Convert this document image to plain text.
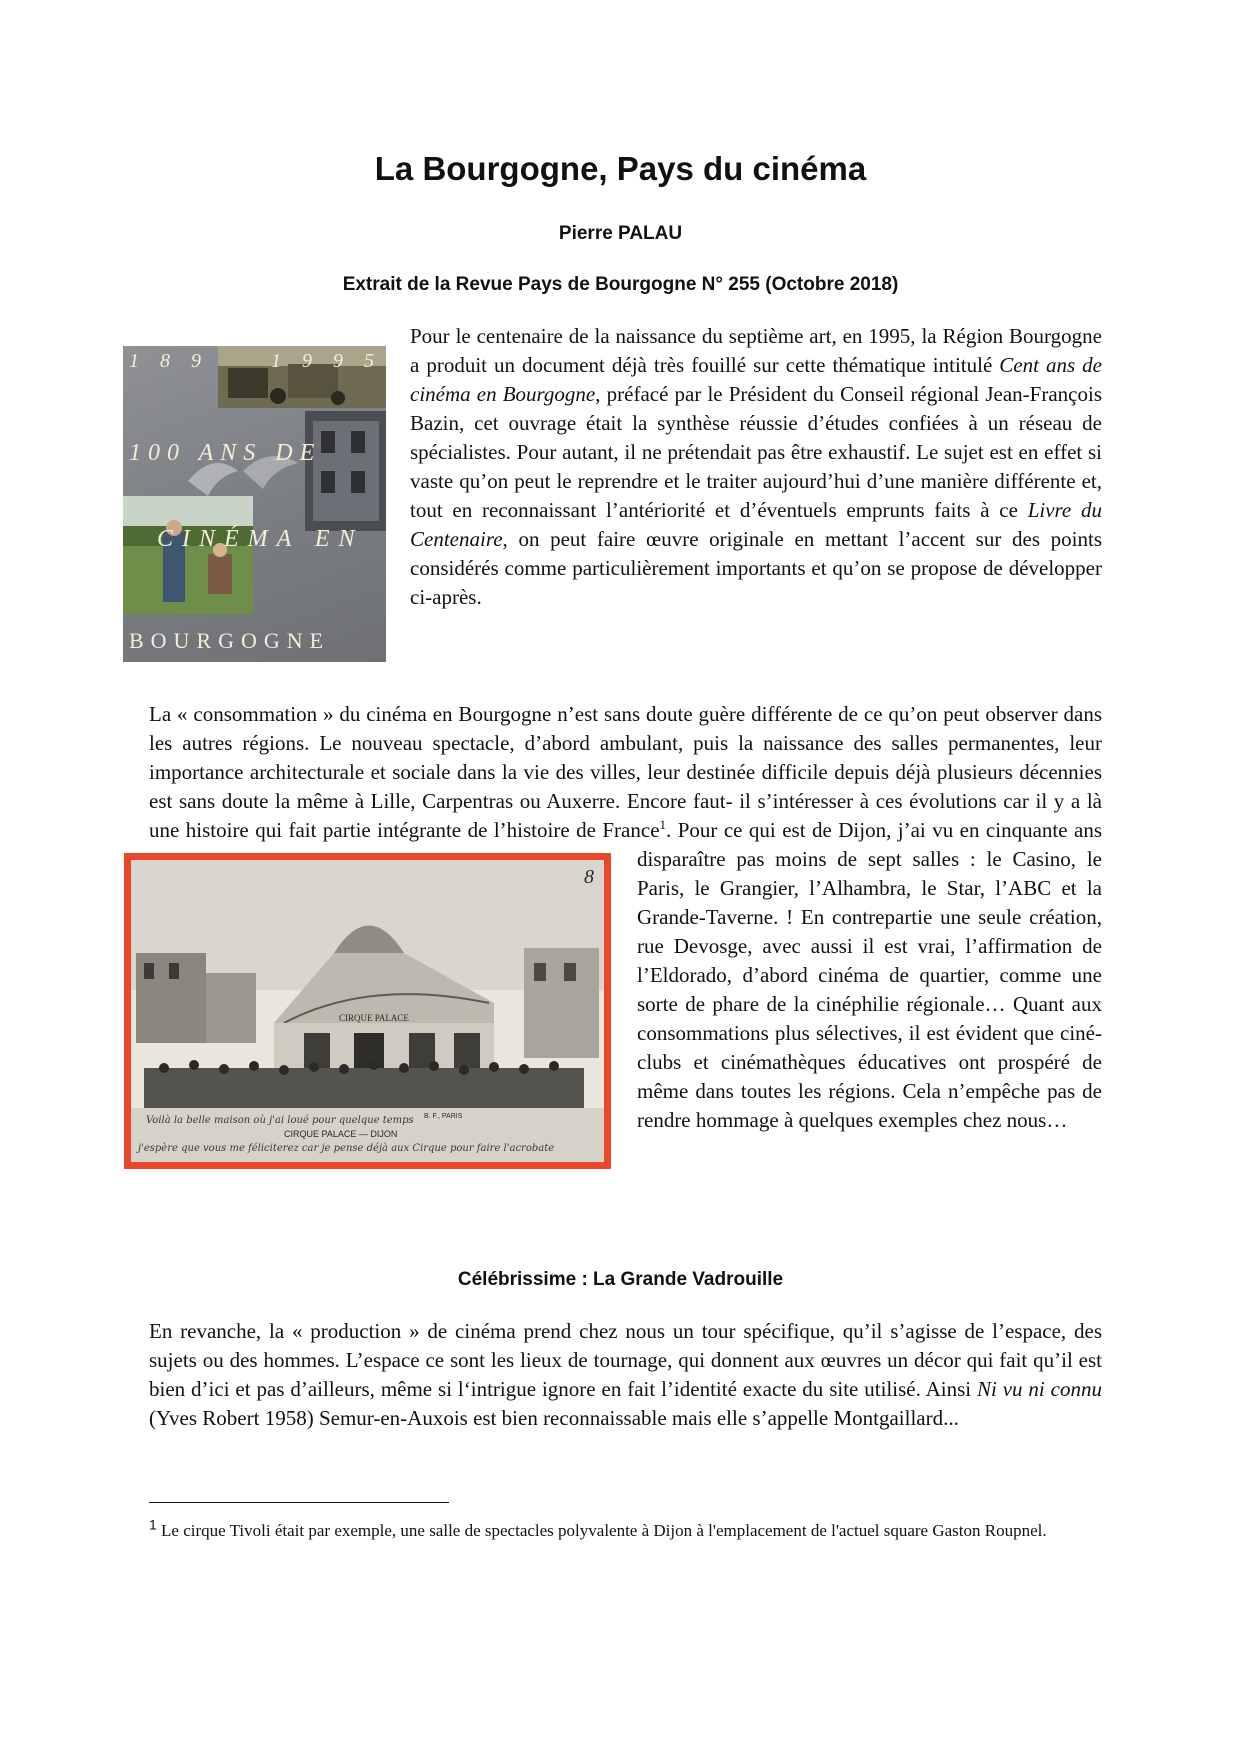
La Bourgogne, Pays du cinéma
Pierre PALAU
Extrait de la Revue Pays de Bourgogne N° 255 (Octobre 2018)
1 8 9	1 9 9 5
100 ANS DE
CINÉMA EN
BOURGOGNE

Pour le centenaire de la naissance du septième art, en 1995, la Région Bourgogne a produit un document déjà très fouillé sur cette thématique intitulé Cent ans de cinéma en Bourgogne, préfacé par le Président du Conseil régional Jean-François Bazin, cet ouvrage était la synthèse réussie d’études confiées à un réseau de spécialistes. Pour autant, il ne prétendait pas être exhaustif. Le sujet est en effet si vaste qu’on peut le reprendre et le traiter aujourd’hui d’une manière différente et, tout en reconnaissant l’antériorité et d’éventuels emprunts faits à ce Livre du Centenaire, on peut faire œuvre originale en mettant l’accent sur des points considérés comme particulièrement importants et qu’on se propose de développer ci-après.

La « consommation » du cinéma en Bourgogne n’est sans doute guère différente de ce qu’on peut observer dans les autres régions. Le nouveau spectacle, d’abord ambulant, puis la naissance des salles permanentes, leur importance architecturale et sociale dans la vie des villes, leur destinée difficile depuis déjà plusieurs décennies est sans doute la même à Lille, Carpentras ou Auxerre. Encore faut- il s’intéresser à ces évolutions car il y a là une histoire qui fait partie intégrante de l’histoire de France$^1$
CIRQUE PALACE
8
B. F., PARIS
Voilà la belle maison où j'ai loué pour quelque temps
CIRQUE PALACE — DIJON
j'espère que vous me féliciterez car je pense déjà aux Cirque pour faire l'acrobate
. Pour ce qui est de Dijon, j’ai vu en cinquante ans disparaître pas moins de sept salles : le Casino, le Paris, le Grangier, l’Alhambra, le Star, l’ABC et la Grande-Taverne. ! En contrepartie une seule création, rue Devosge, avec aussi il est vrai, l’affirmation de l’Eldorado, d’abord cinéma de quartier, comme une sorte de phare de la cinéphilie régionale… Quant aux consommations plus sélectives, il est évident que ciné-clubs et cinémathèques éducatives ont prospéré de même dans toutes les régions. Cela n’empêche pas de rendre hommage à quelques exemples chez nous…

Célébrissime : La Grande Vadrouille

En revanche, la « production » de cinéma prend chez nous un tour spécifique, qu’il s’agisse de l’espace, des sujets ou des hommes. L’espace ce sont les lieux de tournage, qui donnent aux œuvres un décor qui fait qu’il est bien d’ici et pas d’ailleurs, même si l‘intrigue ignore en fait l’identité exacte du site utilisé. Ainsi Ni vu ni connu (Yves Robert 1958) Semur-en-Auxois est bien reconnaissable mais elle s’appelle Montgaillard...

$^1$ Le cirque Tivoli était par exemple, une salle de spectacles polyvalente à Dijon à l'emplacement de l'actuel square Gaston Roupnel.
